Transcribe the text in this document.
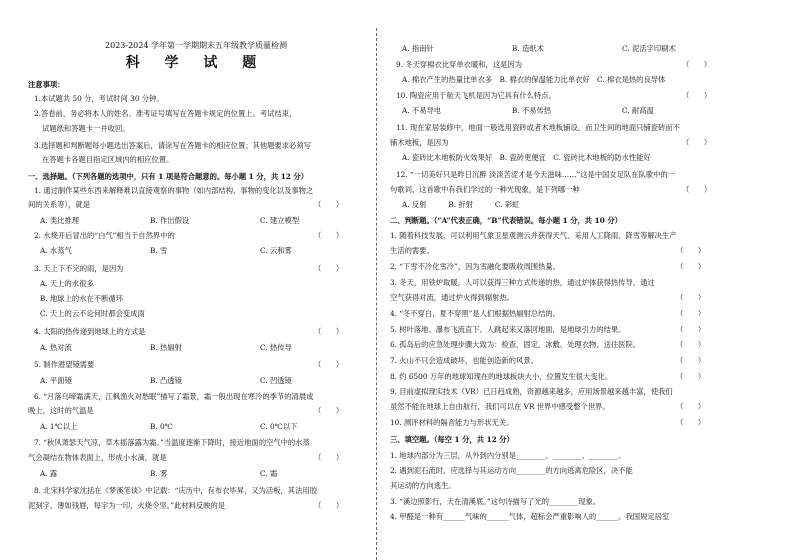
2023-2024 学年第一学期期末五年级教学质量检测
科 学 试 题
注意事项：
1.本试题共 50 分，考试时间 30 分钟。
2.答卷前，务必将本人的姓名、准考证号填写在答题卡规定的位置上。考试结束，
试题纸和答题卡一并收回。
3.选择题和判断题每小题选出答案后，请涂写在答题卡的相应位置；其他题要求必须写
在答题卡各题目指定区域内的相应位置。
一、选择题。（下列各题的选项中，只有 1 项是符合题意的。每小题 1 分，共 12 分）
1. 通过制作某些东西来解释难以直接观察的事物（如内部结构、事物的变化以及事物之
间的关系等），就是	（　　）
A. 类比推理	B. 作出假设	C. 建立模型
2. 水烧开后冒出的“白气”相当于自然界中的	（　　）
A. 水蒸气	B. 雪	C. 云和雾
3. 天上下不完的雨，是因为	（　　）
A. 天上的水很多
B. 地球上的水在不断循环
C. 天上的云不论何时都会变成雨
4. 太阳的热传递到地球上的方式是	（　　）
A. 热对流	B. 热辐射	C. 热传导
5. 制作潜望镜需要	（　　）
A. 平面镜	B. 凸透镜	C. 凹透镜
6. “月落乌啼霜满天，江枫渔火对愁眠”描写了霜景，霜一般出现在寒冷的季节的清晨或
晚上，这时的气温是	（　　）
A. 1℃以上	B. 0℃	C. 0℃以下
7. “秋风萧瑟天气凉，草木摇落露为霜。”当温度逐渐下降时，接近地面的空气中的水蒸
气会凝结在物体表面上，形成小水滴，就是	（　　）
A. 露	B. 雾	C. 霜
8. 北宋科学家沈括在《梦溪笔谈》中记载：“庆历中，有布衣毕昇，又为活板，其法用胶
泥刻字，薄如钱唇，每字为一印，火烧令坚。”此材料反映的是	（　　）
A. 指南针	B. 造纸术	C. 泥活字印刷术
9. 冬天穿棉衣比穿单衣暖和，这是因为	（　　）
A. 棉衣产生的热量比单衣多　B. 棉衣的保温能力比单衣好　C. 棉衣是热的良导体
10. 陶瓷应用于航天飞机是因为它具有什么特点。	（　　）
A. 不易导电	B. 不易传热	C. 耐高温
11. 现在家居装修中，地面一般选用瓷砖或者木地板铺设，而卫生间的地面只铺瓷砖而不
铺木地板，是因为	（　　）
A. 瓷砖比木地板防火效果好　B. 瓷砖更便宜　C. 瓷砖比木地板的防水性能好
12. “一切美好只是昨日沉醉 淡淡苦涩才是今天滋味……”这是中国女足队在队歌中的一
句歌词，这首歌中有我们学过的一种光现象，是下列哪一种	（　　）
A. 反射　　　B. 折射　　　C. 彩虹
二、判断题。（“A”代表正确，“B”代表错误。每小题 1 分，共 10 分）
1. 随着科技发展，可以利用气象卫星观测云并获得天气、采用人工降雨、降雪等解决生产
生活的需要。	（　　）
2. “下雪不冷化雪冷”，因为雪融化要吸收周围热量。	（　　）
3. 冬天，用铁炉取暖，人可以获得三种方式传递的热，通过炉体获得热传导，通过
空气获得对流，通过炉火得到辐射热。	（　　）
4. “冬不穿白，夏不穿黑”是人们根据热辐射总结的。	（　　）
5. 树叶落地、瀑布飞流直下、人跳起来又落回地面，是地球引力的结果。	（　　）
6. 孤岛后的应急处理步骤大致为：检查、固定、冰敷、处理衣物、送往医院。	（　　）
7. 火山不只会造成破坏，也能创造新的风景。	（　　）
8. 约 6500 万年的地球知现在的地球板块大小，位置发生很大变化。	（　　）
9. 目前虚拟现实技术（VR）已日趋成熟，资源越来越多，应用场景越来越丰富，使我们
虽然不能在地球上自由航行，我们可以在 VR 世界中感受整个世界。	（　　）
10. 测评材料的隔音能力与形状无关。	（　　）
三、填空题。（每空 1 分，共 12 分）
1. 地球内部分为三层，从外到内分别是________、________、________。
2. 遇到泥石流时，应选择与其运动方向________的方向逃离危险区，决不能
其运动的方向逃生。
3. “溪边照影行，天在清溪底。”这句诗描写了光的________现象。
4. 甲醛是一种有______气味的______气体，超标会严重影响人的______。我国规定居室
